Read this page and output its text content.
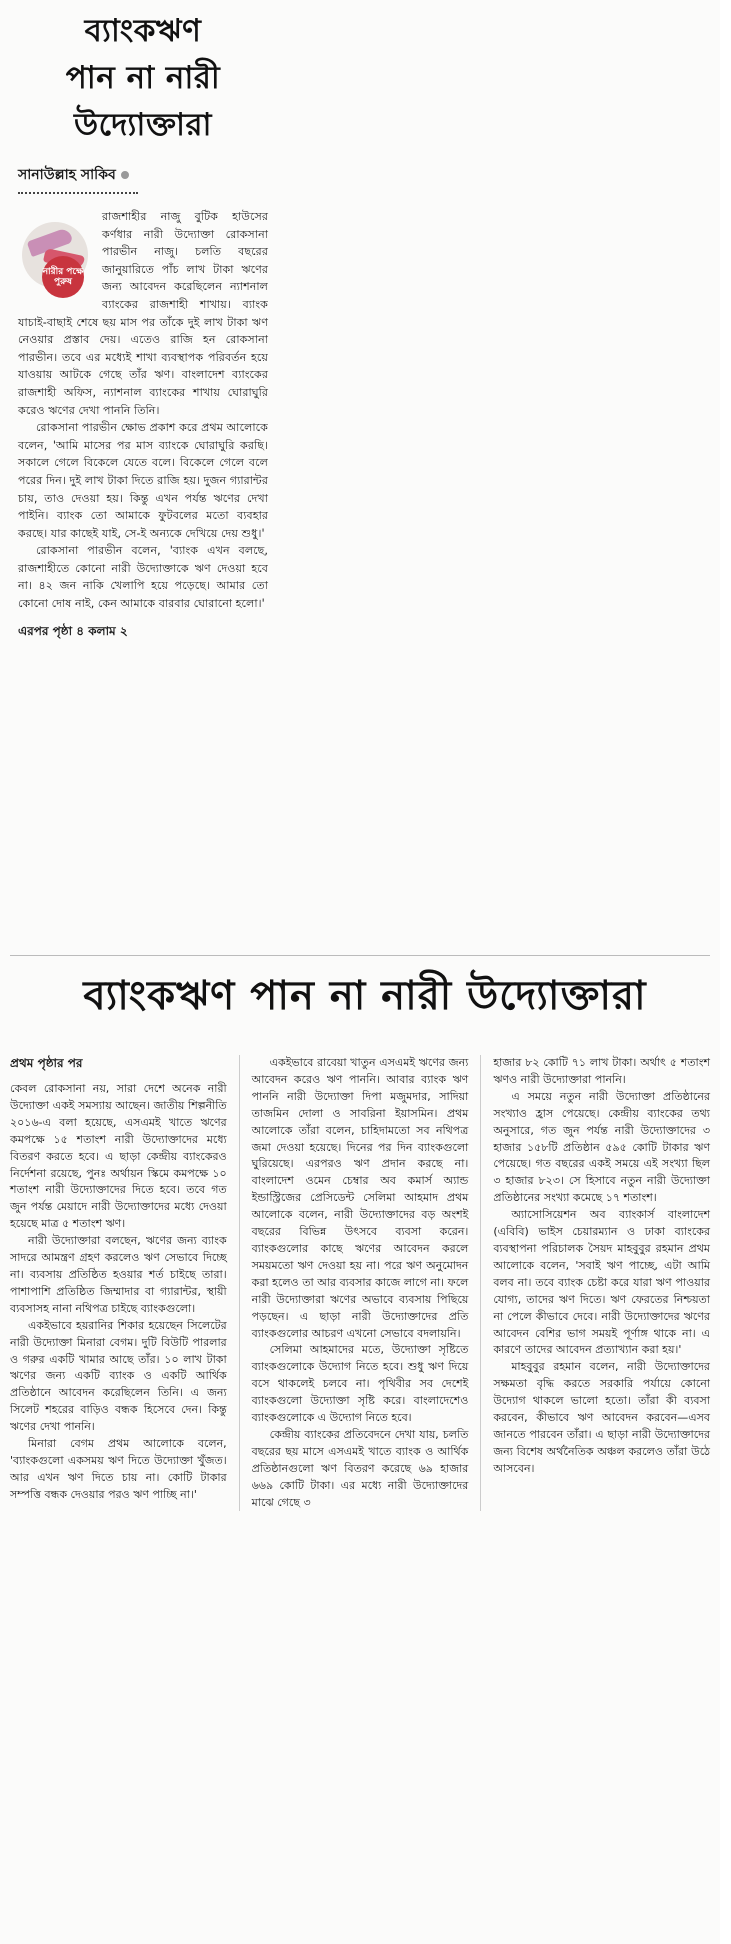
ব্যাংকঋণ
পান না নারী
উদ্যোক্তারা
সানাউল্লাহ সাকিব
নারীর পক্ষে পুরুষ

রাজশাহীর নাজু বুটিক হাউসের কর্ণধার নারী উদ্যোক্তা রোকসানা পারভীন নাজু। চলতি বছরের জানুয়ারিতে পাঁচ লাখ টাকা ঋণের জন্য আবেদন করেছিলেন ন্যাশনাল ব্যাংকের রাজশাহী শাখায়। ব্যাংক যাচাই-বাছাই শেষে ছয় মাস পর তাঁকে দুই লাখ টাকা ঋণ নেওয়ার প্রস্তাব দেয়। এতেও রাজি হন রোকসানা পারভীন। তবে এর মধ্যেই শাখা ব্যবস্থাপক পরিবর্তন হয়ে যাওয়ায় আটকে গেছে তাঁর ঋণ। বাংলাদেশ ব্যাংকের রাজশাহী অফিস, ন্যাশনাল ব্যাংকের শাখায় ঘোরাঘুরি করেও ঋণের দেখা পাননি তিনি।

রোকসানা পারভীন ক্ষোভ প্রকাশ করে প্রথম আলোকে বলেন, 'আমি মাসের পর মাস ব্যাংকে ঘোরাঘুরি করছি। সকালে গেলে বিকেলে যেতে বলে। বিকেলে গেলে বলে পরের দিন। দুই লাখ টাকা দিতে রাজি হয়। দুজন গ্যারান্টর চায়, তাও দেওয়া হয়। কিন্তু এখন পর্যন্ত ঋণের দেখা পাইনি। ব্যাংক তো আমাকে ফুটবলের মতো ব্যবহার করছে। যার কাছেই যাই, সে-ই অন্যকে দেখিয়ে দেয় শুধু।'

রোকসানা পারভীন বলেন, 'ব্যাংক এখন বলছে, রাজশাহীতে কোনো নারী উদ্যোক্তাকে ঋণ দেওয়া হবে না। ৪২ জন নাকি খেলাপি হয়ে পড়েছে। আমার তো কোনো দোষ নাই, কেন আমাকে বারবার ঘোরানো হলো।'

এরপর পৃষ্ঠা ৪ কলাম ২
ব্যাংকঋণ পান না নারী উদ্যোক্তারা
প্রথম পৃষ্ঠার পর

কেবল রোকসানা নয়, সারা দেশে অনেক নারী উদ্যোক্তা একই সমস্যায় আছেন। জাতীয় শিল্পনীতি ২০১৬-এ বলা হয়েছে, এসএমই খাতে ঋণের কমপক্ষে ১৫ শতাংশ নারী উদ্যোক্তাদের মধ্যে বিতরণ করতে হবে। এ ছাড়া কেন্দ্রীয় ব্যাংকেরও নির্দেশনা রয়েছে, পুনঃ অর্থায়ন স্কিমে কমপক্ষে ১০ শতাংশ নারী উদ্যোক্তাদের দিতে হবে। তবে গত জুন পর্যন্ত মেয়াদে নারী উদ্যোক্তাদের মধ্যে দেওয়া হয়েছে মাত্র ৫ শতাংশ ঋণ।

নারী উদ্যোক্তারা বলছেন, ঋণের জন্য ব্যাংক সাদরে আমন্ত্রণ গ্রহণ করলেও ঋণ সেভাবে দিচ্ছে না। ব্যবসায় প্রতিষ্ঠিত হওয়ার শর্ত চাইছে তারা। পাশাপাশি প্রতিষ্ঠিত জিম্মাদার বা গ্যারান্টর, স্থায়ী ব্যবসাসহ নানা নথিপত্র চাইছে ব্যাংকগুলো।

একইভাবে হয়রানির শিকার হয়েছেন সিলেটের নারী উদ্যোক্তা মিনারা বেগম। দুটি বিউটি পারলার ও গরুর একটি খামার আছে তাঁর। ১০ লাখ টাকা ঋণের জন্য একটি ব্যাংক ও একটি আর্থিক প্রতিষ্ঠানে আবেদন করেছিলেন তিনি। এ জন্য সিলেট শহরের বাড়িও বন্ধক হিসেবে দেন। কিন্তু ঋণের দেখা পাননি।

মিনারা বেগম প্রথম আলোকে বলেন, 'ব্যাংকগুলো একসময় ঋণ দিতে উদ্যোক্তা খুঁজত। আর এখন ঋণ দিতে চায় না। কোটি টাকার সম্পত্তি বন্ধক দেওয়ার পরও ঋণ পাচ্ছি না।'

একইভাবে রাবেয়া খাতুন এসএমই ঋণের জন্য আবেদন করেও ঋণ পাননি। আবার ব্যাংক ঋণ পাননি নারী উদ্যোক্তা দিপা মজুমদার, সাদিয়া তাজমিন দোলা ও সাবরিনা ইয়াসমিন। প্রথম আলোকে তাঁরা বলেন, চাহিদামতো সব নথিপত্র জমা দেওয়া হয়েছে। দিনের পর দিন ব্যাংকগুলো ঘুরিয়েছে। এরপরও ঋণ প্রদান করছে না। বাংলাদেশ ওমেন চেম্বার অব কমার্স অ্যান্ড ইন্ডাস্ট্রিজের প্রেসিডেন্ট সেলিমা আহমাদ প্রথম আলোকে বলেন, নারী উদ্যোক্তাদের বড় অংশই বছরের বিভিন্ন উৎসবে ব্যবসা করেন। ব্যাংকগুলোর কাছে ঋণের আবেদন করলে সময়মতো ঋণ দেওয়া হয় না। পরে ঋণ অনুমোদন করা হলেও তা আর ব্যবসার কাজে লাগে না। ফলে নারী উদ্যোক্তারা ঋণের অভাবে ব্যবসায় পিছিয়ে পড়ছেন। এ ছাড়া নারী উদ্যোক্তাদের প্রতি ব্যাংকগুলোর আচরণ এখনো সেভাবে বদলায়নি।

সেলিমা আহমাদের মতে, উদ্যোক্তা সৃষ্টিতে ব্যাংকগুলোকে উদ্যোগ নিতে হবে। শুধু ঋণ দিয়ে বসে থাকলেই চলবে না। পৃথিবীর সব দেশেই ব্যাংকগুলো উদ্যোক্তা সৃষ্টি করে। বাংলাদেশেও ব্যাংকগুলোকে এ উদ্যোগ নিতে হবে।

কেন্দ্রীয় ব্যাংকের প্রতিবেদনে দেখা যায়, চলতি বছরের ছয় মাসে এসএমই খাতে ব্যাংক ও আর্থিক প্রতিষ্ঠানগুলো ঋণ বিতরণ করেছে ৬৯ হাজার ৬৬৯ কোটি টাকা। এর মধ্যে নারী উদ্যোক্তাদের মাঝে গেছে ৩

হাজার ৮২ কোটি ৭১ লাখ টাকা। অর্থাৎ ৫ শতাংশ ঋণও নারী উদ্যোক্তারা পাননি।

এ সময়ে নতুন নারী উদ্যোক্তা প্রতিষ্ঠানের সংখ্যাও হ্রাস পেয়েছে। কেন্দ্রীয় ব্যাংকের তথ্য অনুসারে, গত জুন পর্যন্ত নারী উদ্যোক্তাদের ৩ হাজার ১৫৮টি প্রতিষ্ঠান ৫৯৫ কোটি টাকার ঋণ পেয়েছে। গত বছরের একই সময়ে এই সংখ্যা ছিল ৩ হাজার ৮২৩। সে হিসাবে নতুন নারী উদ্যোক্তা প্রতিষ্ঠানের সংখ্যা কমেছে ১৭ শতাংশ।

অ্যাসোসিয়েশন অব ব্যাংকার্স বাংলাদেশ (এবিবি) ভাইস চেয়ারম্যান ও ঢাকা ব্যাংকের ব্যবস্থাপনা পরিচালক সৈয়দ মাহবুবুর রহমান প্রথম আলোকে বলেন, 'সবাই ঋণ পাচ্ছে, এটা আমি বলব না। তবে ব্যাংক চেষ্টা করে যারা ঋণ পাওয়ার যোগ্য, তাদের ঋণ দিতে। ঋণ ফেরতের নিশ্চয়তা না পেলে কীভাবে দেবে। নারী উদ্যোক্তাদের ঋণের আবেদন বেশির ভাগ সময়ই পূর্ণাঙ্গ থাকে না। এ কারণে তাদের আবেদন প্রত্যাখ্যান করা হয়।'

মাহবুবুর রহমান বলেন, নারী উদ্যোক্তাদের সক্ষমতা বৃদ্ধি করতে সরকারি পর্যায়ে কোনো উদ্যোগ থাকলে ভালো হতো। তাঁরা কী ব্যবসা করবেন, কীভাবে ঋণ আবেদন করবেন—এসব জানতে পারবেন তাঁরা। এ ছাড়া নারী উদ্যোক্তাদের জন্য বিশেষ অর্থনৈতিক অঞ্চল করলেও তাঁরা উঠে আসবেন।
